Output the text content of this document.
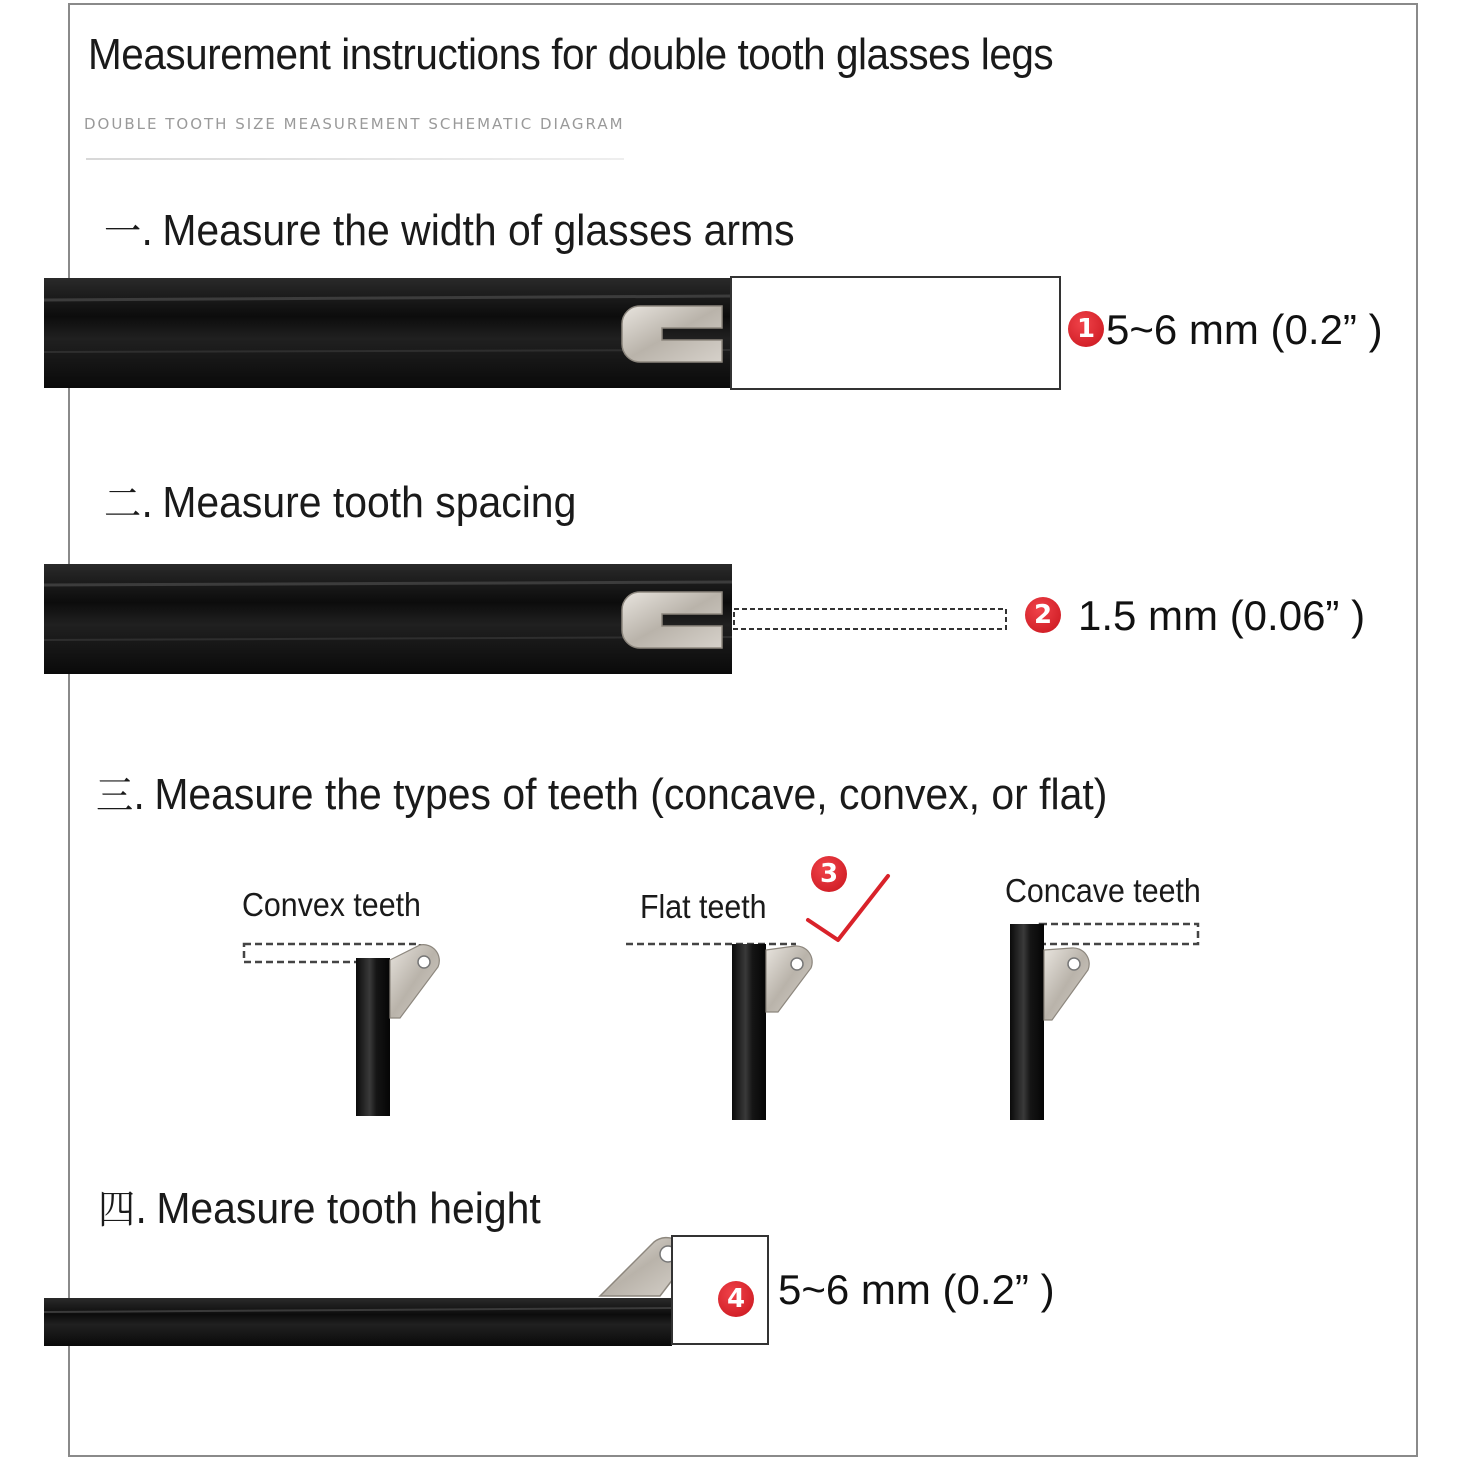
Measurement instructions for double tooth glasses legs
DOUBLE TOOTH SIZE MEASUREMENT SCHEMATIC DIAGRAM
一. Measure the width of glasses arms
二. Measure tooth spacing
三. Measure the types of teeth (concave, convex, or flat)
四. Measure tooth height
1
2
3
4
5~6 mm (0.2” )
1.5 mm (0.06” )
5~6 mm (0.2” )
Convex teeth	Flat teeth	Concave teeth
